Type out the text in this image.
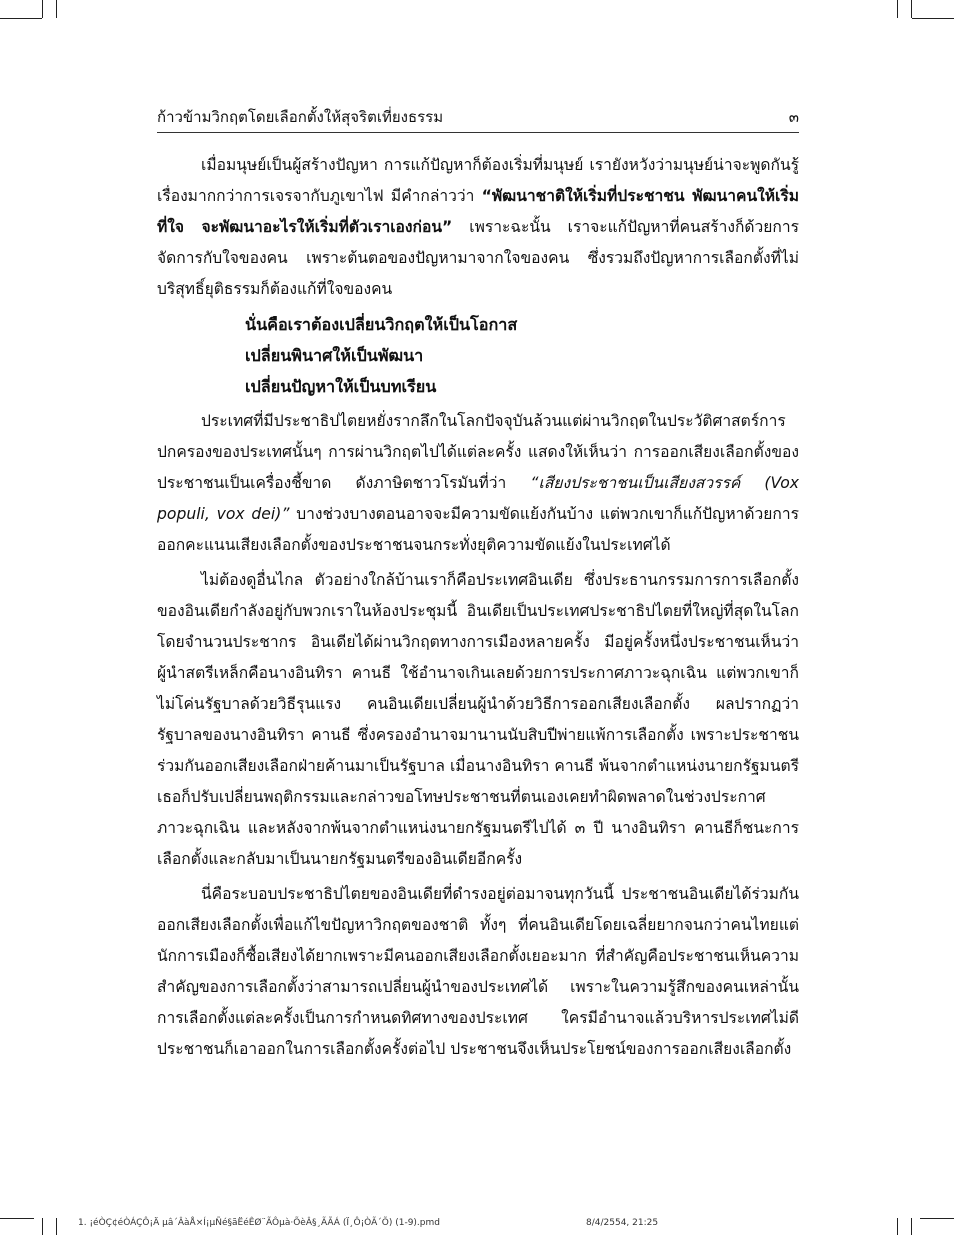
ก้าวข้ามวิกฤตโดยเลือกตั้งให้สุจริตเที่ยงธรรม	๓

เมื่อมนุษย์เป็นผู้สร้างปัญหา การแก้ปัญหาก็ต้องเริ่มที่มนุษย์ เรายังหวังว่ามนุษย์น่าจะพูดกันรู้เรื่องมากกว่าการเจรจากับภูเขาไฟ มีคำกล่าวว่า “พัฒนาชาติให้เริ่มที่ประชาชน พัฒนาคนให้เริ่มที่ใจ จะพัฒนาอะไรให้เริ่มที่ตัวเราเองก่อน” เพราะฉะนั้น เราจะแก้ปัญหาที่คนสร้างก็ด้วยการจัดการกับใจของคน เพราะต้นตอของปัญหามาจากใจของคน ซึ่งรวมถึงปัญหาการเลือกตั้งที่ไม่บริสุทธิ์ยุติธรรมก็ต้องแก้ที่ใจของคน

นั่นคือเราต้องเปลี่ยนวิกฤตให้เป็นโอกาส
เปลี่ยนพินาศให้เป็นพัฒนา
เปลี่ยนปัญหาให้เป็นบทเรียน

ประเทศที่มีประชาธิปไตยหยั่งรากลึกในโลกปัจจุบันล้วนแต่ผ่านวิกฤตในประวัติศาสตร์การปกครองของประเทศนั้นๆ การผ่านวิกฤตไปได้แต่ละครั้ง แสดงให้เห็นว่า การออกเสียงเลือกตั้งของประชาชนเป็นเครื่องชี้ขาด ดังภาษิตชาวโรมันที่ว่า “เสียงประชาชนเป็นเสียงสวรรค์ (Vox populi, vox dei)” บางช่วงบางตอนอาจจะมีความขัดแย้งกันบ้าง แต่พวกเขาก็แก้ปัญหาด้วยการออกคะแนนเสียงเลือกตั้งของประชาชนจนกระทั่งยุติความขัดแย้งในประเทศได้

ไม่ต้องดูอื่นไกล ตัวอย่างใกล้บ้านเราก็คือประเทศอินเดีย ซึ่งประธานกรรมการการเลือกตั้งของอินเดียกำลังอยู่กับพวกเราในห้องประชุมนี้ อินเดียเป็นประเทศประชาธิปไตยที่ใหญ่ที่สุดในโลกโดยจำนวนประชากร อินเดียได้ผ่านวิกฤตทางการเมืองหลายครั้ง มีอยู่ครั้งหนึ่งประชาชนเห็นว่าผู้นำสตรีเหล็กคือนางอินทิรา คานธี ใช้อำนาจเกินเลยด้วยการประกาศภาวะฉุกเฉิน แต่พวกเขาก็ไม่โค่นรัฐบาลด้วยวิธีรุนแรง คนอินเดียเปลี่ยนผู้นำด้วยวิธีการออกเสียงเลือกตั้ง ผลปรากฏว่ารัฐบาลของนางอินทิรา คานธี ซึ่งครองอำนาจมานานนับสิบปีพ่ายแพ้การเลือกตั้ง เพราะประชาชนร่วมกันออกเสียงเลือกฝ่ายค้านมาเป็นรัฐบาล เมื่อนางอินทิรา คานธี พ้นจากตำแหน่งนายกรัฐมนตรี เธอก็ปรับเปลี่ยนพฤติกรรมและกล่าวขอโทษประชาชนที่ตนเองเคยทำผิดพลาดในช่วงประกาศภาวะฉุกเฉิน และหลังจากพ้นจากตำแหน่งนายกรัฐมนตรีไปได้ ๓ ปี นางอินทิรา คานธีก็ชนะการเลือกตั้งและกลับมาเป็นนายกรัฐมนตรีของอินเดียอีกครั้ง

นี่คือระบอบประชาธิปไตยของอินเดียที่ดำรงอยู่ต่อมาจนทุกวันนี้ ประชาชนอินเดียได้ร่วมกันออกเสียงเลือกตั้งเพื่อแก้ไขปัญหาวิกฤตของชาติ ทั้งๆ ที่คนอินเดียโดยเฉลี่ยยากจนกว่าคนไทยแต่นักการเมืองก็ซื้อเสียงได้ยากเพราะมีคนออกเสียงเลือกตั้งเยอะมาก ที่สำคัญคือประชาชนเห็นความสำคัญของการเลือกตั้งว่าสามารถเปลี่ยนผู้นำของประเทศได้ เพราะในความรู้สึกของคนเหล่านั้นการเลือกตั้งแต่ละครั้งเป็นการกำหนดทิศทางของประเทศ ใครมีอำนาจแล้วบริหารประเทศไม่ดีประชาชนก็เอาออกในการเลือกตั้งครั้งต่อไป ประชาชนจึงเห็นประโยชน์ของการออกเสียงเลือกตั้ง

1. ¡éÒÇ¢éÒÁÇÔ¡Ä µâ´ÂàÅ×Í¡µÑé§ãËéÊØ¨ÃÔµà·ÕèÂ§¸ÃÃÁ (Ï¸Ô¡ÒÃ´Õ) (1-9).pmd	8/4/2554, 21:25
